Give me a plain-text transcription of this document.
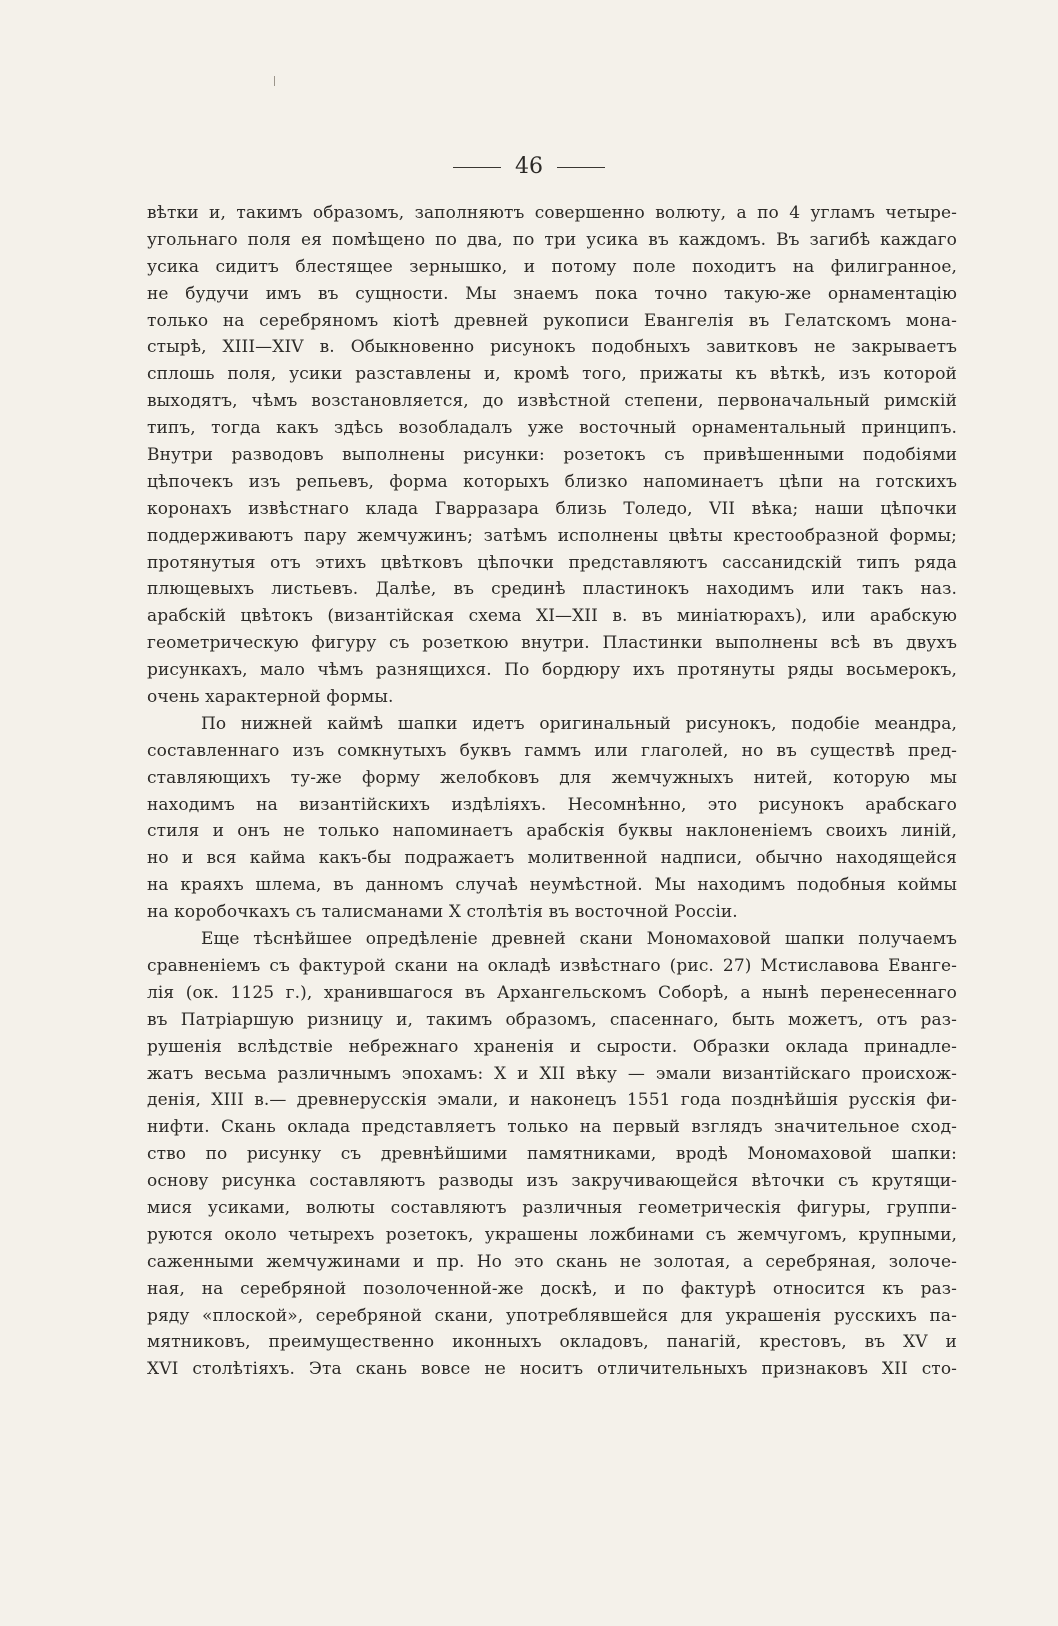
46
вѣтки и, такимъ образомъ, заполняютъ совершенно волюту, а по 4 угламъ четыре-
угольнаго поля ея помѣщено по два, по три усика въ каждомъ. Въ загибѣ каждаго
усика сидитъ блестящее зернышко, и потому поле походитъ на филигранное,
не будучи имъ въ сущности. Мы знаемъ пока точно такую-же орнаментацію
только на серебряномъ кіотѣ древней рукописи Евангелія въ Гелатскомъ мона-
стырѣ, XIII—XIV в. Обыкновенно рисунокъ подобныхъ завитковъ не закрываетъ
сплошь поля, усики разставлены и, кромѣ того, прижаты къ вѣткѣ, изъ которой
выходятъ, чѣмъ возстановляется, до извѣстной степени, первоначальный римскій
типъ, тогда какъ здѣсь возобладалъ уже восточный орнаментальный принципъ.
Внутри разводовъ выполнены рисунки: розетокъ съ привѣшенными подобіями
цѣпочекъ изъ репьевъ, форма которыхъ близко напоминаетъ цѣпи на готскихъ
коронахъ извѣстнаго клада Гварразара близь Толедо, VII вѣка; наши цѣпочки
поддерживаютъ пару жемчужинъ; затѣмъ исполнены цвѣты крестообразной формы;
протянутыя отъ этихъ цвѣтковъ цѣпочки представляютъ сассанидскій типъ ряда
плющевыхъ листьевъ. Далѣе, въ срединѣ пластинокъ находимъ или такъ наз.
арабскій цвѣтокъ (византійская схема XI—XII в. въ миніатюрахъ), или арабскую
геометрическую фигуру съ розеткою внутри. Пластинки выполнены всѣ въ двухъ
рисункахъ, мало чѣмъ разнящихся. По бордюру ихъ протянуты ряды восьмерокъ,
очень характерной формы.
По нижней каймѣ шапки идетъ оригинальный рисунокъ, подобіе меандра,
составленнаго изъ сомкнутыхъ буквъ гаммъ или глаголей, но въ существѣ пред-
ставляющихъ ту-же форму желобковъ для жемчужныхъ нитей, которую мы
находимъ на византійскихъ издѣліяхъ. Несомнѣнно, это рисунокъ арабскаго
стиля и онъ не только напоминаетъ арабскія буквы наклоненіемъ своихъ линій,
но и вся кайма какъ-бы подражаетъ молитвенной надписи, обычно находящейся
на краяхъ шлема, въ данномъ случаѣ неумѣстной. Мы находимъ подобныя коймы
на коробочкахъ съ талисманами X столѣтія въ восточной Россіи.
Еще тѣснѣйшее опредѣленіе древней скани Мономаховой шапки получаемъ
сравненіемъ съ фактурой скани на окладѣ извѣстнаго (рис. 27) Мстиславова Еванге-
лія (ок. 1125 г.), хранившагося въ Архангельскомъ Соборѣ, а нынѣ перенесеннаго
въ Патріаршую ризницу и, такимъ образомъ, спасеннаго, быть можетъ, отъ раз-
рушенія вслѣдствіе небрежнаго храненія и сырости. Образки оклада принадле-
жатъ весьма различнымъ эпохамъ: X и XII вѣку — эмали византійскаго происхож-
денія, XIII в.— древнерусскія эмали, и наконецъ 1551 года позднѣйшія русскія фи-
нифти. Скань оклада представляетъ только на первый взглядъ значительное сход-
ство по рисунку съ древнѣйшими памятниками, вродѣ Мономаховой шапки:
основу рисунка составляютъ разводы изъ закручивающейся вѣточки съ крутящи-
мися усиками, волюты составляютъ различныя геометрическія фигуры, группи-
руются около четырехъ розетокъ, украшены ложбинами съ жемчугомъ, крупными,
саженными жемчужинами и пр. Но это скань не золотая, а серебряная, золоче-
ная, на серебряной позолоченной-же доскѣ, и по фактурѣ относится къ раз-
ряду «плоской», серебряной скани, употреблявшейся для украшенія русскихъ па-
мятниковъ, преимущественно иконныхъ окладовъ, панагій, крестовъ, въ XV и
XVI столѣтіяхъ. Эта скань вовсе не носитъ отличительныхъ признаковъ XII сто-
